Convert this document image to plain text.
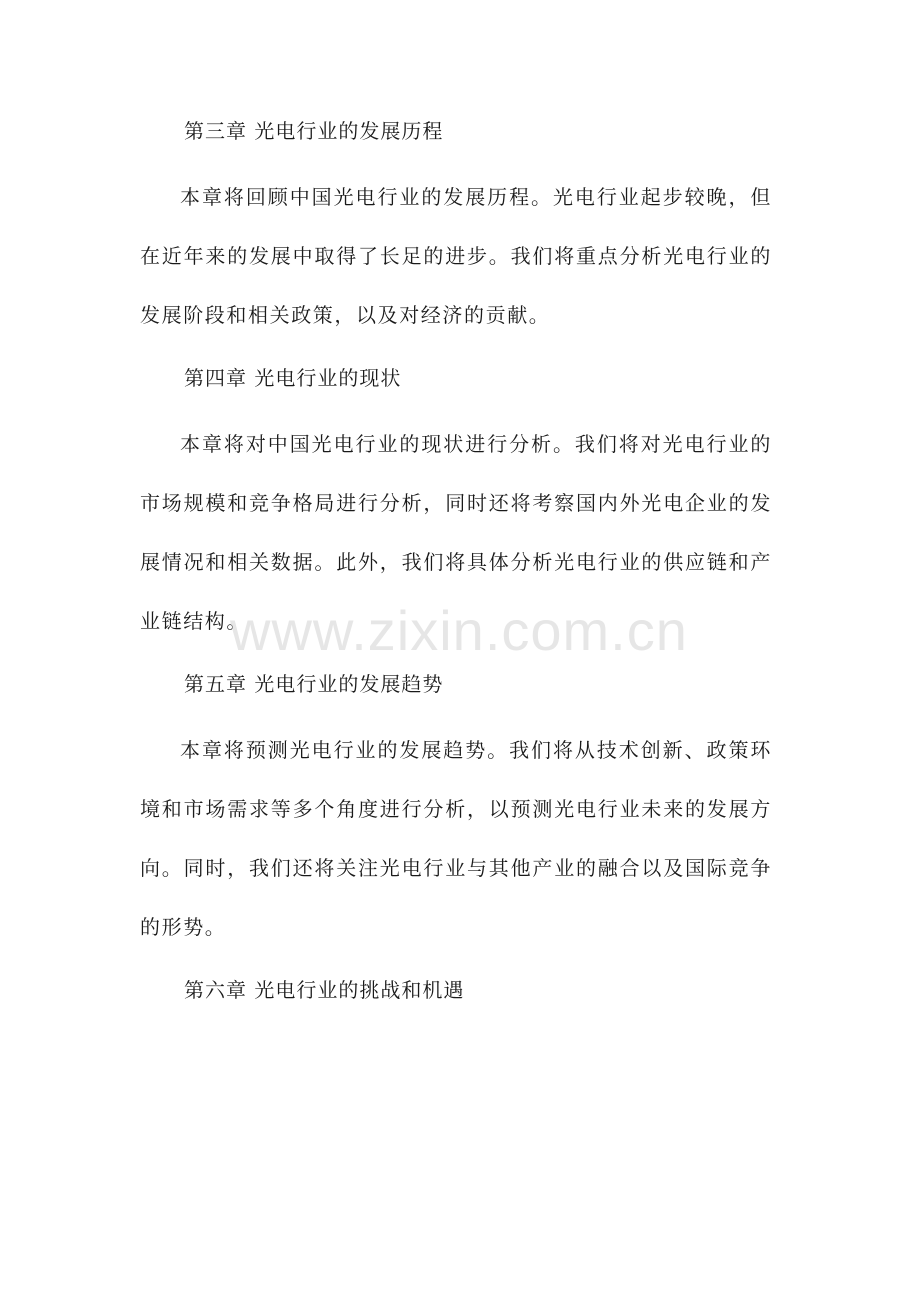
第三章 光电行业的发展历程

本章将回顾中国光电行业的发展历程。光电行业起步较晚，但在近年来的发展中取得了长足的进步。我们将重点分析光电行业的发展阶段和相关政策，以及对经济的贡献。

第四章 光电行业的现状

本章将对中国光电行业的现状进行分析。我们将对光电行业的市场规模和竞争格局进行分析，同时还将考察国内外光电企业的发展情况和相关数据。此外，我们将具体分析光电行业的供应链和产业链结构。

第五章 光电行业的发展趋势

本章将预测光电行业的发展趋势。我们将从技术创新、政策环境和市场需求等多个角度进行分析，以预测光电行业未来的发展方向。同时，我们还将关注光电行业与其他产业的融合以及国际竞争的形势。

第六章 光电行业的挑战和机遇
www.zixin.com.cn
